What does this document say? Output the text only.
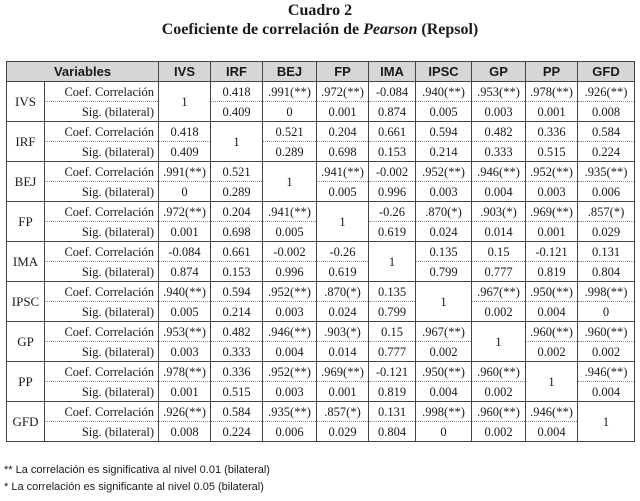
Cuadro 2
Coeficiente de correlación de Pearson (Repsol)
Variables		IVS	IRF	BEJ	FP	IMA	IPSC	GP	PP	GFD
IVS	Coef. Correlación	1	0.418	.991(**)	.972(**)	-0.084	.940(**)	.953(**)	.978(**)	.926(**)
	Sig. (bilateral)		0.409	0	0.001	0.874	0.005	0.003	0.001	0.008
IRF	Coef. Correlación	0.418	1	0.521	0.204	0.661	0.594	0.482	0.336	0.584
	Sig. (bilateral)	0.409		0.289	0.698	0.153	0.214	0.333	0.515	0.224
BEJ	Coef. Correlación	.991(**)	0.521	1	.941(**)	-0.002	.952(**)	.946(**)	.952(**)	.935(**)
	Sig. (bilateral)	0	0.289		0.005	0.996	0.003	0.004	0.003	0.006
FP	Coef. Correlación	.972(**)	0.204	.941(**)	1	-0.26	.870(*)	.903(*)	.969(**)	.857(*)
	Sig. (bilateral)	0.001	0.698	0.005		0.619	0.024	0.014	0.001	0.029
IMA	Coef. Correlación	-0.084	0.661	-0.002	-0.26	1	0.135	0.15	-0.121	0.131
	Sig. (bilateral)	0.874	0.153	0.996	0.619		0.799	0.777	0.819	0.804
IPSC	Coef. Correlación	.940(**)	0.594	.952(**)	.870(*)	0.135	1	.967(**)	.950(**)	.998(**)
	Sig. (bilateral)	0.005	0.214	0.003	0.024	0.799		0.002	0.004	0
GP	Coef. Correlación	.953(**)	0.482	.946(**)	.903(*)	0.15	.967(**)	1	.960(**)	.960(**)
	Sig. (bilateral)	0.003	0.333	0.004	0.014	0.777	0.002		0.002	0.002
PP	Coef. Correlación	.978(**)	0.336	.952(**)	.969(**)	-0.121	.950(**)	.960(**)	1	.946(**)
	Sig. (bilateral)	0.001	0.515	0.003	0.001	0.819	0.004	0.002		0.004
GFD	Coef. Correlación	.926(**)	0.584	.935(**)	.857(*)	0.131	.998(**)	.960(**)	.946(**)	1
	Sig. (bilateral)	0.008	0.224	0.006	0.029	0.804	0	0.002	0.004	
** La correlación es significativa al nivel 0.01 (bilateral)
* La correlación es significante al nivel 0.05 (bilateral)
